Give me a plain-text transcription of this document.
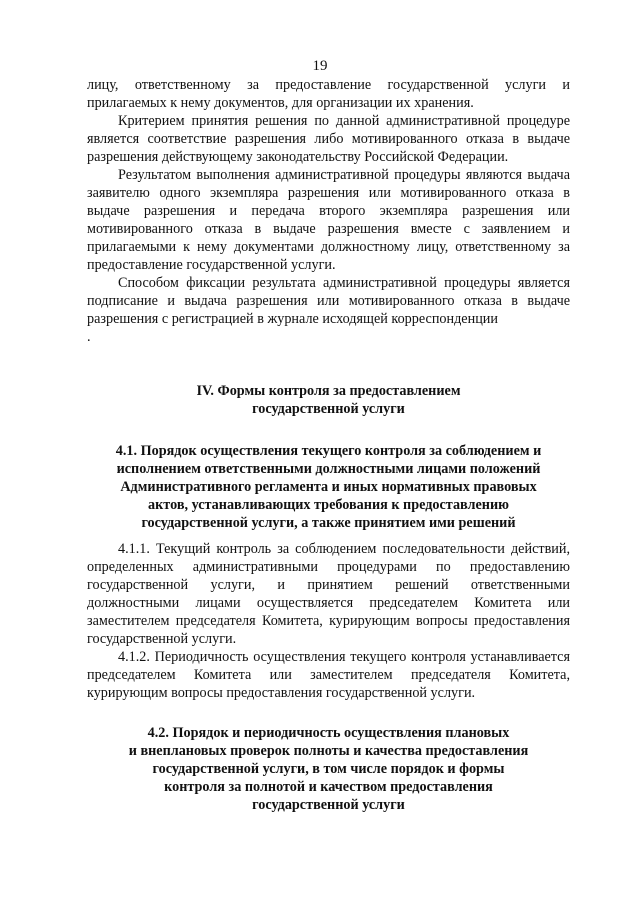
19

лицу, ответственному за предоставление государственной услуги и прилагаемых к нему документов, для организации их хранения.

Критерием принятия решения по данной административной процедуре является соответствие разрешения либо мотивированного отказа в выдаче разрешения действующему законодательству Российской Федерации.

Результатом выполнения административной процедуры являются выдача заявителю одного экземпляра разрешения или мотивированного отказа в выдаче разрешения и передача второго экземпляра разрешения или мотивированного отказа в выдаче разрешения вместе с заявлением и прилагаемыми к нему документами должностному лицу, ответственному за предоставление государственной услуги.

Способом фиксации результата административной процедуры является подписание и выдача разрешения или мотивированного отказа в выдаче разрешения с регистрацией в журнале исходящей корреспонденции

.

IV. Формы контроля за предоставлением
государственной услуги
4.1. Порядок осуществления текущего контроля за соблюдением и
исполнением ответственными должностными лицами положений
Административного регламента и иных нормативных правовых
актов, устанавливающих требования к предоставлению
государственной услуги, а также принятием ими решений

4.1.1. Текущий контроль за соблюдением последовательности действий, определенных административными процедурами по предоставлению государственной услуги, и принятием решений ответственными должностными лицами осуществляется председателем Комитета или заместителем председателя Комитета, курирующим вопросы предоставления государственной услуги.

4.1.2. Периодичность осуществления текущего контроля устанавливается председателем Комитета или заместителем председателя Комитета, курирующим вопросы предоставления государственной услуги.

4.2. Порядок и периодичность осуществления плановых
и внеплановых проверок полноты и качества предоставления
государственной услуги, в том числе порядок и формы
контроля за полнотой и качеством предоставления
государственной услуги
